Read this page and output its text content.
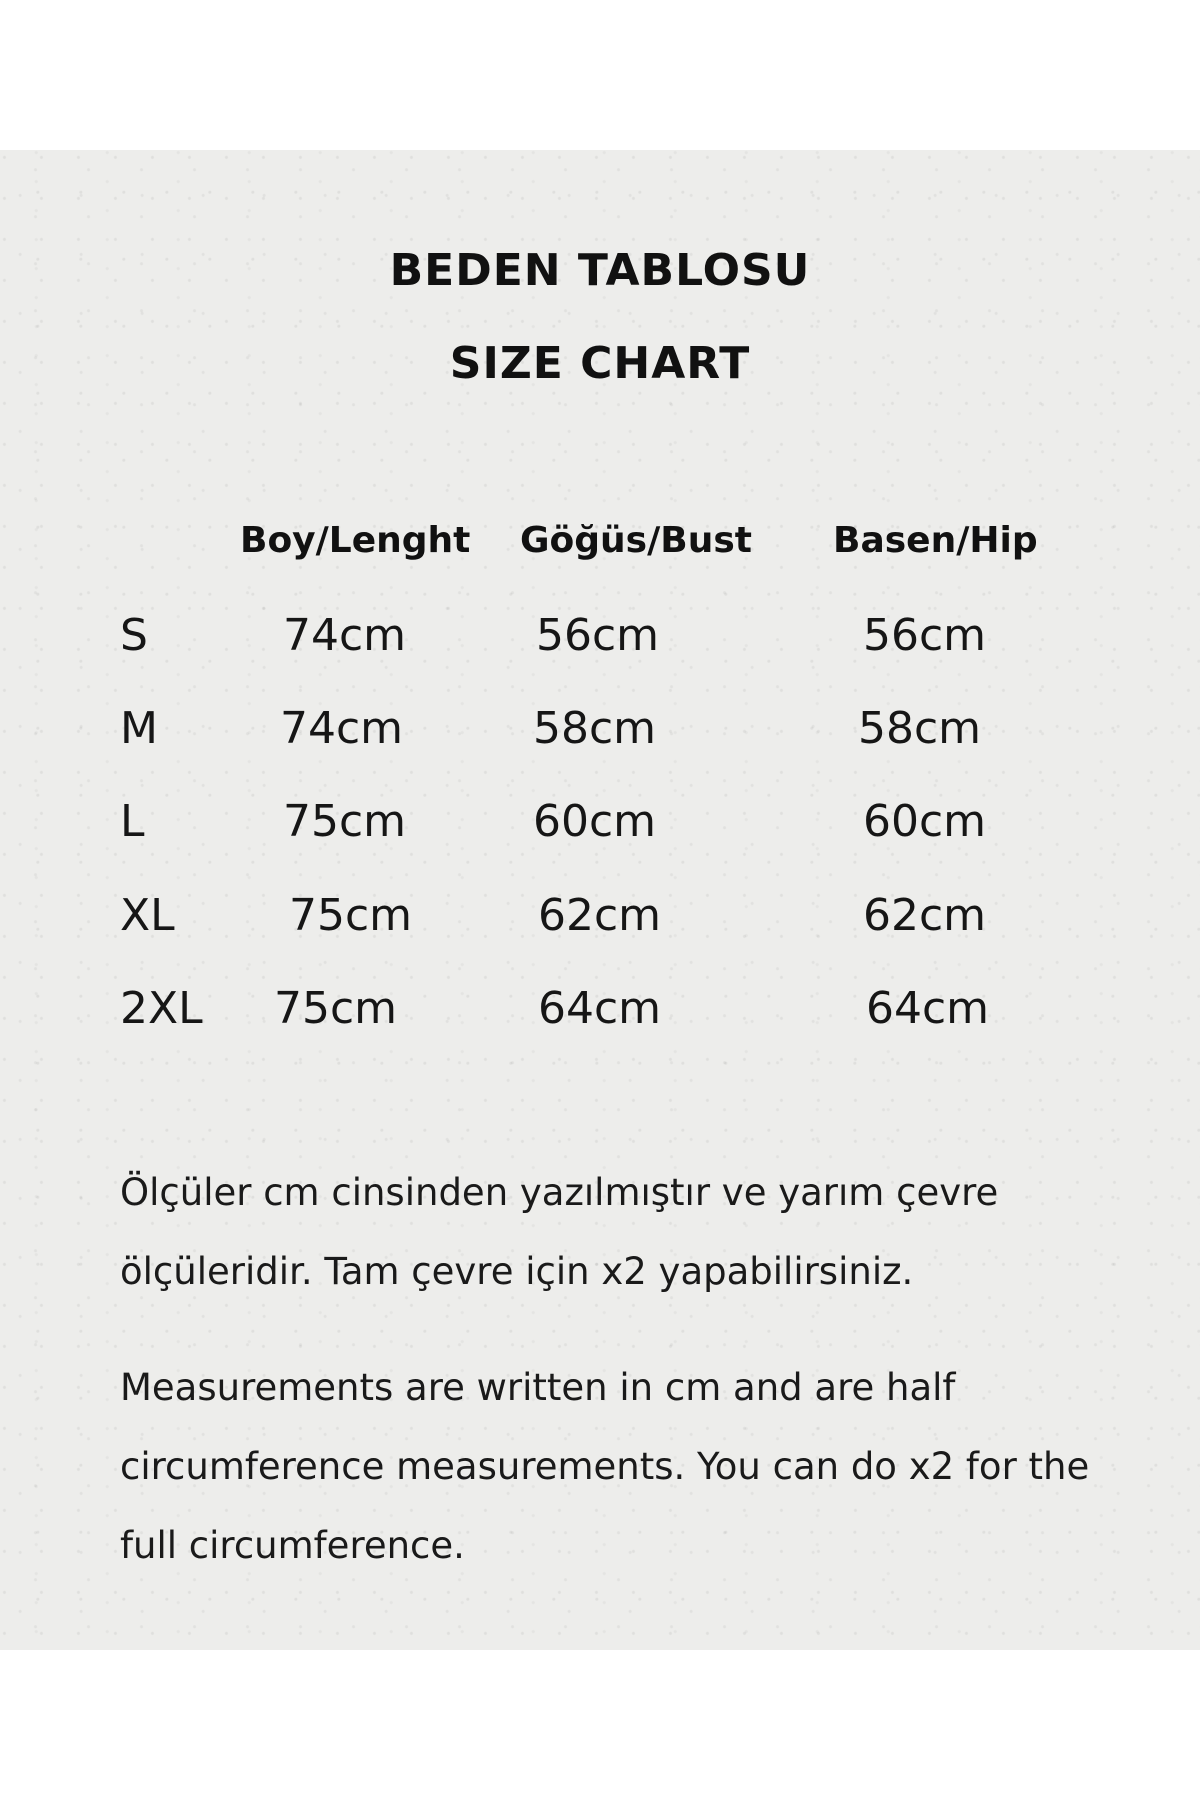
BEDEN TABLOSU
SIZE CHART
Boy/Lenght Göğüs/Bust Basen/Hip
S	74cm	56cm	56cm
M	74cm	58cm	58cm
L	75cm	60cm	60cm
XL	75cm	62cm	62cm
2XL 75cm	64cm	64cm

Ölçüler cm cinsinden yazılmıştır ve yarım çevre ölçüleridir. Tam çevre için x2 yapabilirsiniz.

Measurements are written in cm and are half circumference measurements. You can do x2 for the full circumference.
